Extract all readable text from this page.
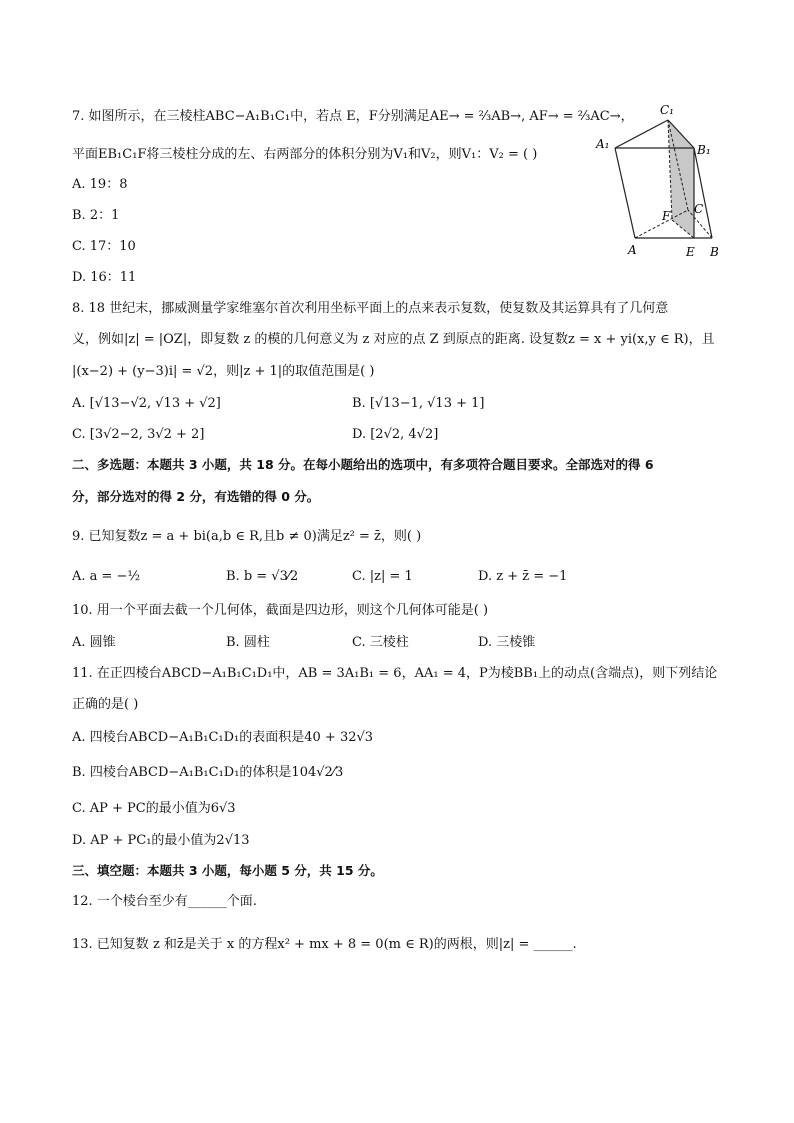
7. 如图所示，在三棱柱ABC−A₁B₁C₁中，若点 E，F分别满足AE→ = ²⁄₃AB→, AF→ = ²⁄₃AC→，
平面EB₁C₁F将三棱柱分成的左、右两部分的体积分别为V₁和V₂，则V₁：V₂ = ( )
A. 19：8
B. 2：1
C. 17：10
D. 16：11
C₁
A₁	B₁
F C
A	E B
8. 18 世纪末，挪威测量学家维塞尔首次利用坐标平面上的点来表示复数，使复数及其运算具有了几何意
义，例如|z| = |OZ|，即复数 z 的模的几何意义为 z 对应的点 Z 到原点的距离. 设复数z = x + yi(x,y ∈ R)，且
|(x−2) + (y−3)i| = √2，则|z + 1|的取值范围是( )
A. [√13−√2, √13 + √2]	B. [√13−1, √13 + 1]
C. [3√2−2, 3√2 + 2]	D. [2√2, 4√2]
二、多选题：本题共 3 小题，共 18 分。在每小题给出的选项中，有多项符合题目要求。全部选对的得 6
分，部分选对的得 2 分，有选错的得 0 分。
9. 已知复数z = a + bi(a,b ∈ R,且b ≠ 0)满足z² = z̄，则( )
A. a = −½	B. b = √3⁄2	C. |z| = 1	D. z + z̄ = −1
10. 用一个平面去截一个几何体，截面是四边形，则这个几何体可能是( )
A. 圆锥	B. 圆柱	C. 三棱柱	D. 三棱锥
11. 在正四棱台ABCD−A₁B₁C₁D₁中，AB = 3A₁B₁ = 6，AA₁ = 4，P为棱BB₁上的动点(含端点)，则下列结论
正确的是( )
A. 四棱台ABCD−A₁B₁C₁D₁的表面积是40 + 32√3
B. 四棱台ABCD−A₁B₁C₁D₁的体积是104√2⁄3
C. AP + PC的最小值为6√3
D. AP + PC₁的最小值为2√13
三、填空题：本题共 3 小题，每小题 5 分，共 15 分。
12. 一个棱台至少有______个面.
13. 已知复数 z 和z̄是关于 x 的方程x² + mx + 8 = 0(m ∈ R)的两根，则|z| = ______.
